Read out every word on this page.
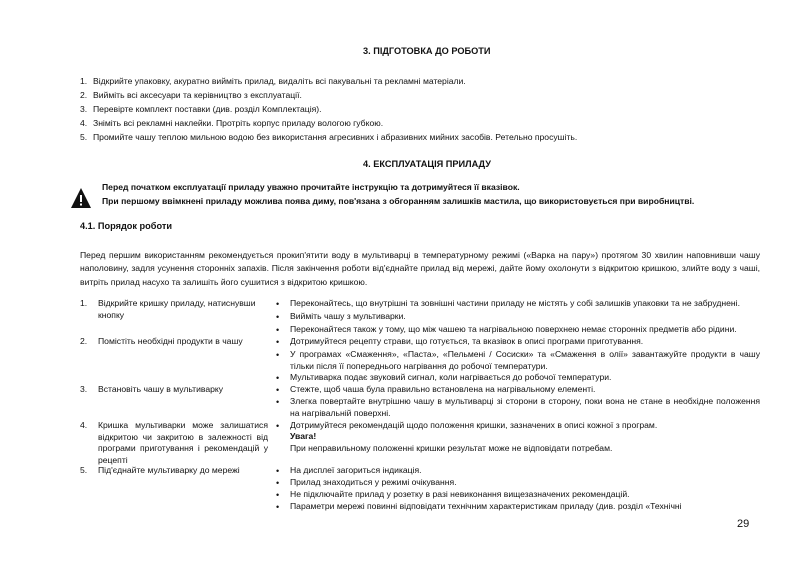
3. ПІДГОТОВКА ДО РОБОТИ
1. Відкрийте упаковку, акуратно вийміть прилад, видаліть всі пакувальні та рекламні матеріали.
2. Вийміть всі аксесуари та керівництво з експлуатації.
3. Перевірте комплект поставки (див. розділ Комплектація).
4. Зніміть всі рекламні наклейки. Протріть корпус приладу вологою губкою.
5. Промийте чашу теплою мильною водою без використання агресивних і абразивних мийних засобів. Ретельно просушіть.
4. ЕКСПЛУАТАЦІЯ ПРИЛАДУ
Перед початком експлуатації приладу уважно прочитайте інструкцію та дотримуйтеся її вказівок.
При першому ввімкнені приладу можлива поява диму, пов'язана з обгоранням залишків мастила, що використовується при виробництві.
4.1. Порядок роботи
Перед першим використанням рекомендується прокип'ятити воду в мультиварці в температурному режимі («Варка на пару») протягом 30 хвилин наповнивши чашу наполовину, задля усунення сторонніх запахів. Після закінчення роботи від'єднайте прилад від мережі, дайте йому охолонути з відкритою кришкою, злийте воду з чаші, витріть прилад насухо та залишіть його сушитися з відкритою кришкою.
1. Відкрийте кришку приладу, натиснувши кнопку
• Переконайтесь, що внутрішні та зовнішні частини приладу не містять у собі залишків упаковки та не забруднені.
• Вийміть чашу з мультиварки.
• Переконайтеся також у тому, що між чашею та нагрівальною поверхнею немає сторонніх предметів або рідини.
2. Помістіть необхідні продукти в чашу	• Дотримуйтеся рецепту страви, що готується, та вказівок в описі програми приготування.
• У програмах «Смаження», «Паста», «Пельмені / Сосиски» та «Смаження в олії» завантажуйте продукти в чашу тільки після її попереднього нагрівання до робочої температури.
• Мультиварка подає звуковий сигнал, коли нагрівається до робочої температури.
3. Встановіть чашу в мультиварку	• Стежте, щоб чаша була правильно встановлена на нагрівальному елементі.
• Злегка повертайте внутрішню чашу в мультиварці зі сторони в сторону, поки вона не стане в необхідне положення на нагрівальній поверхні.
4. Кришка мультиварки може залишатися відкритою чи закритою в залежності від програми приготування і рекомендацій у рецепті
• Дотримуйтеся рекомендацій щодо положення кришки, зазначених в описі кожної з програм.
Увага!
При неправильному положенні кришки результат може не відповідати потребам.
5. Під'єднайте мультиварку до мережі	• На дисплеї загориться індикація.
• Прилад знаходиться у режимі очікування.
• Не підключайте прилад у розетку в разі невиконання вищезазначених рекомендацій.
• Параметри мережі повинні відповідати технічним характеристикам приладу (див. розділ «Технічні
29
